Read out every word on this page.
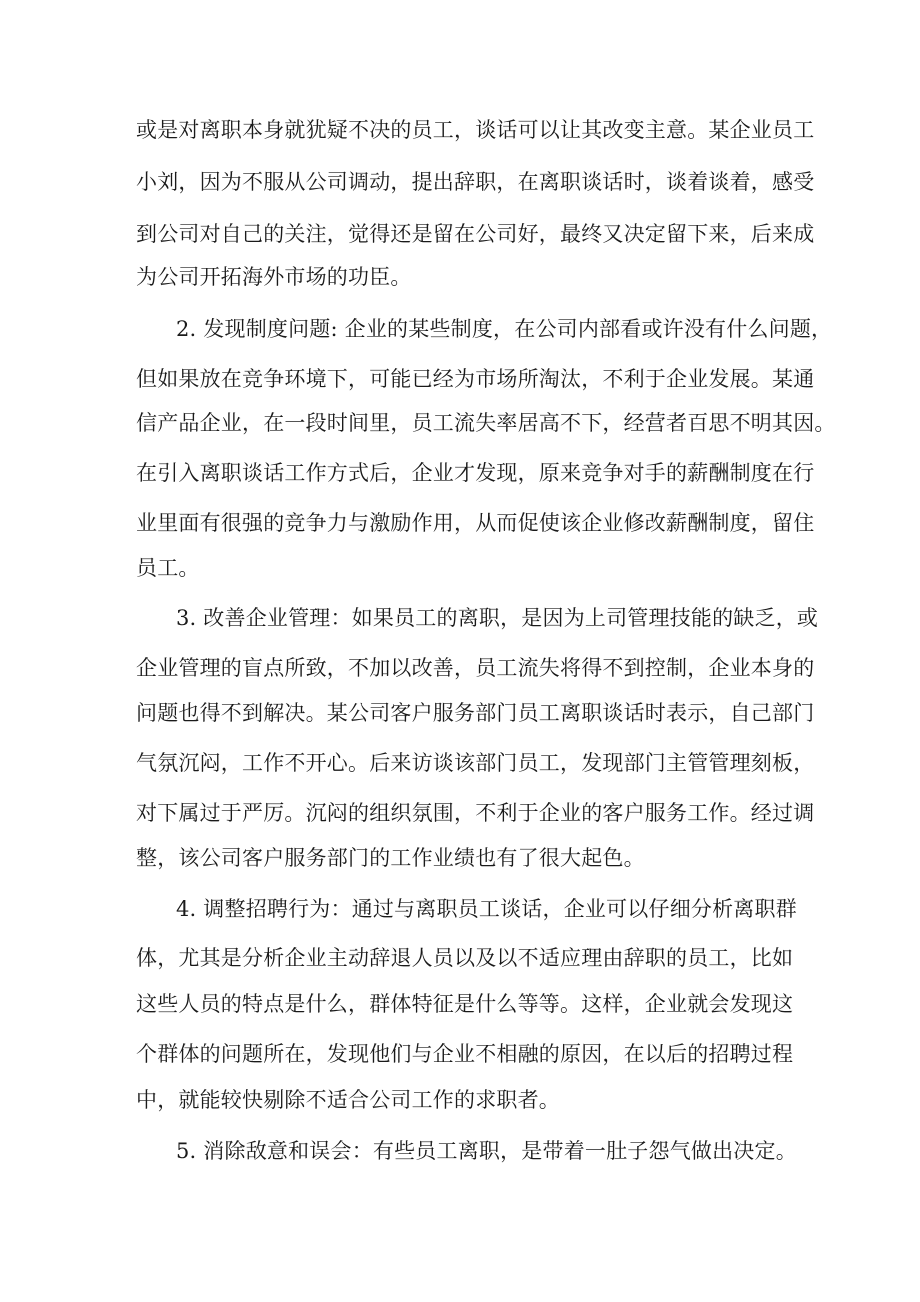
或是对离职本身就犹疑不决的员工，谈话可以让其改变主意。某企业员工
小刘，因为不服从公司调动，提出辞职，在离职谈话时，谈着谈着，感受
到公司对自己的关注，觉得还是留在公司好，最终又决定留下来，后来成
为公司开拓海外市场的功臣。
2. 发现制度问题: 企业的某些制度，在公司内部看或许没有什么问题，
但如果放在竞争环境下，可能已经为市场所淘汰，不利于企业发展。某通
信产品企业，在一段时间里，员工流失率居高不下，经营者百思不明其因。
在引入离职谈话工作方式后，企业才发现，原来竞争对手的薪酬制度在行
业里面有很强的竞争力与激励作用，从而促使该企业修改薪酬制度，留住
员工。
3. 改善企业管理：如果员工的离职，是因为上司管理技能的缺乏，或
企业管理的盲点所致，不加以改善，员工流失将得不到控制，企业本身的
问题也得不到解决。某公司客户服务部门员工离职谈话时表示，自己部门
气氛沉闷，工作不开心。后来访谈该部门员工，发现部门主管管理刻板，
对下属过于严厉。沉闷的组织氛围，不利于企业的客户服务工作。经过调
整，该公司客户服务部门的工作业绩也有了很大起色。
4. 调整招聘行为：通过与离职员工谈话，企业可以仔细分析离职群
体，尤其是分析企业主动辞退人员以及以不适应理由辞职的员工，比如
这些人员的特点是什么，群体特征是什么等等。这样，企业就会发现这
个群体的问题所在，发现他们与企业不相融的原因，在以后的招聘过程
中，就能较快剔除不适合公司工作的求职者。
5. 消除敌意和误会：有些员工离职，是带着一肚子怨气做出决定。
